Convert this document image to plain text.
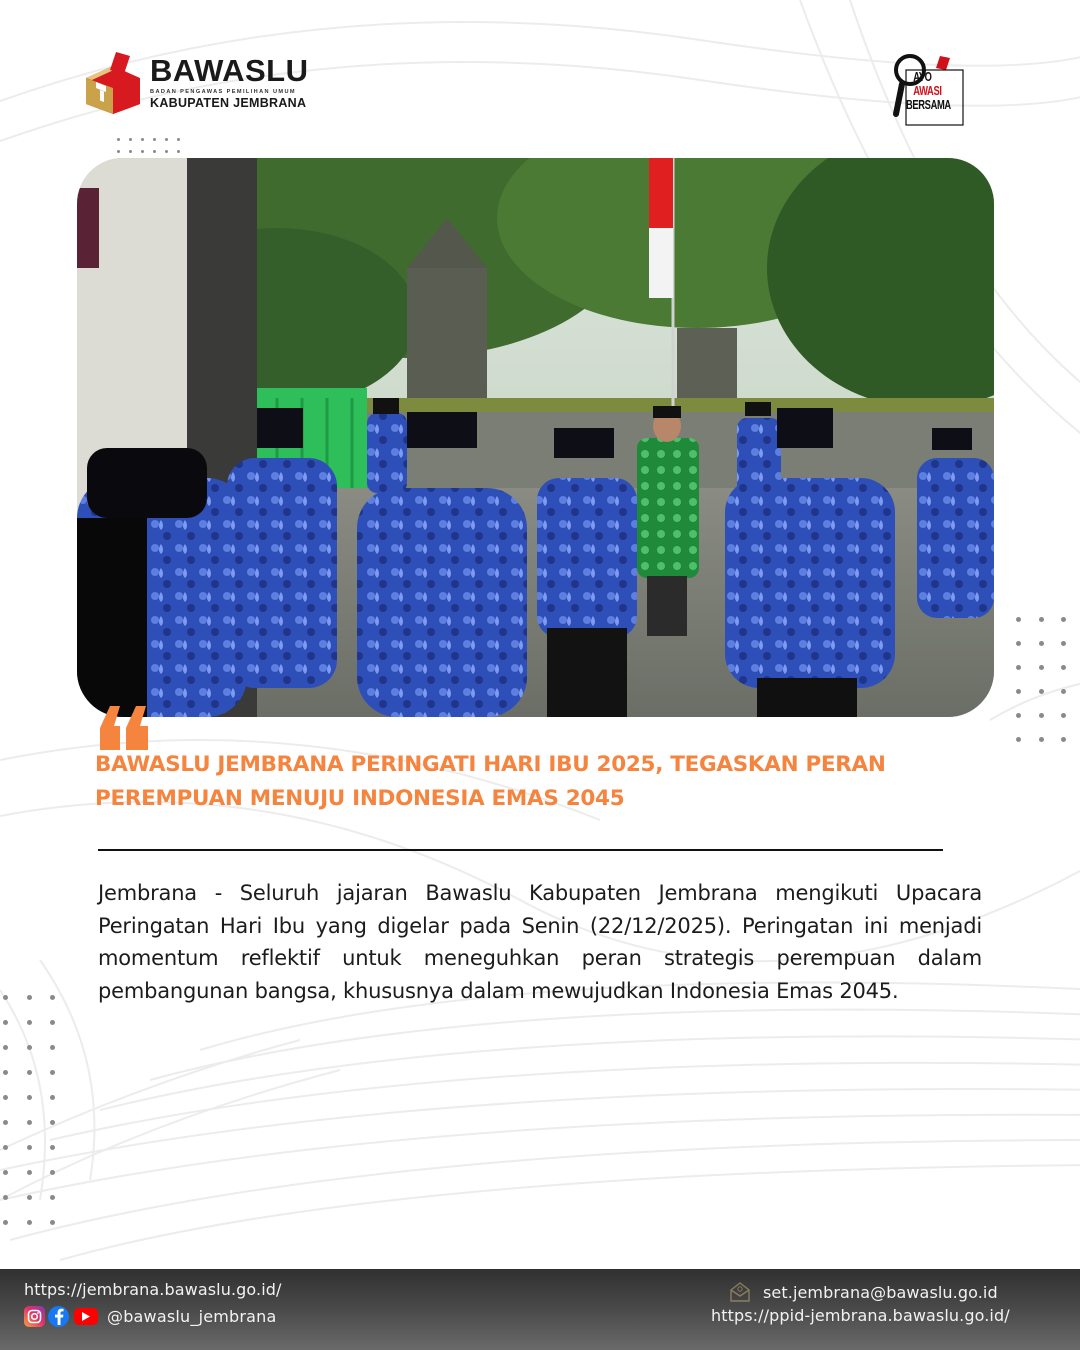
BAWASLU
BADAN PENGAWAS PEMILIHAN UMUM
KABUPATEN JEMBRANA
AYO
AWASI
BERSAMA
BAWASLU JEMBRANA PERINGATI HARI IBU 2025, TEGASKAN PERAN PEREMPUAN MENUJU INDONESIA EMAS 2045

Jembrana - Seluruh jajaran Bawaslu Kabupaten Jembrana mengikuti Upacara Peringatan Hari Ibu yang digelar pada Senin (22/12/2025). Peringatan ini menjadi momentum reflektif untuk meneguhkan peran strategis perempuan dalam pembangunan bangsa, khususnya dalam mewujudkan Indonesia Emas 2045.

https://jembrana.bawaslu.go.id/
@bawaslu_jembrana
set.jembrana@bawaslu.go.id
https://ppid-jembrana.bawaslu.go.id/
